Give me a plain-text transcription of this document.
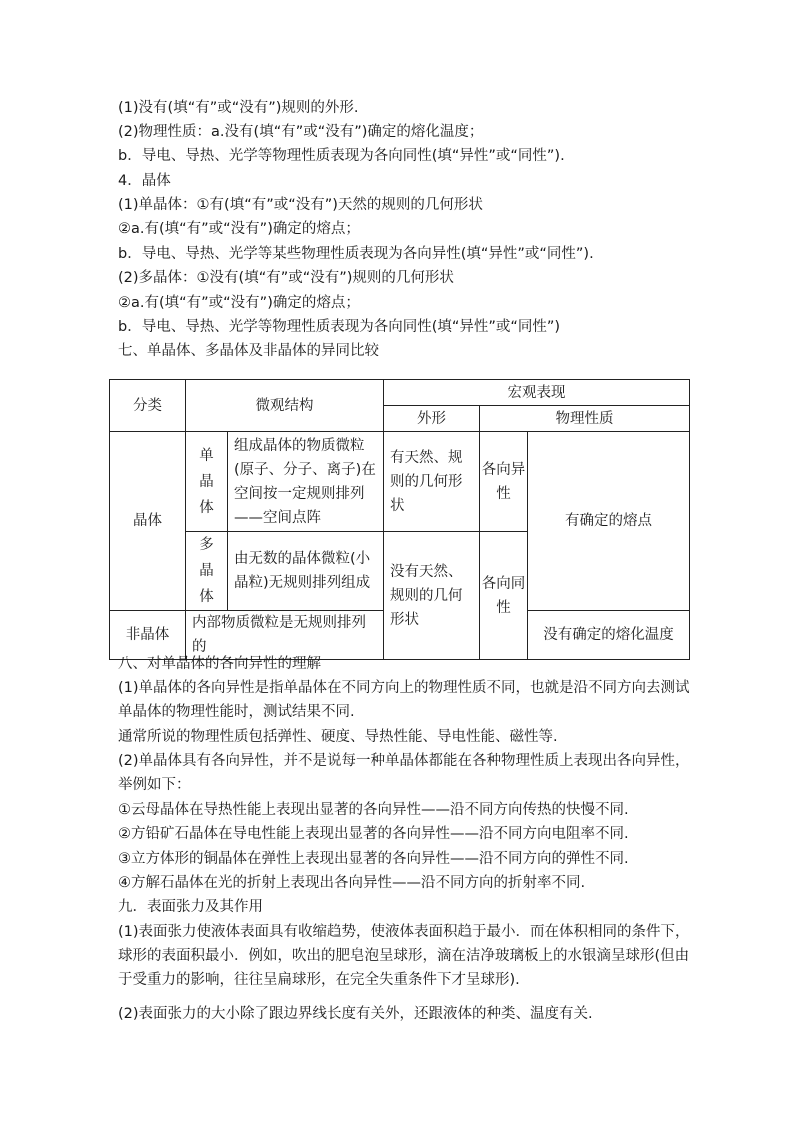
(1)没有(填“有”或“没有”)规则的外形.
(2)物理性质：a.没有(填“有”或“没有”)确定的熔化温度；
b．导电、导热、光学等物理性质表现为各向同性(填“异性”或“同性”).
4．晶体
(1)单晶体：①有(填“有”或“没有”)天然的规则的几何形状
②a.有(填“有”或“没有”)确定的熔点；
b．导电、导热、光学等某些物理性质表现为各向异性(填“异性”或“同性”).
(2)多晶体：①没有(填“有”或“没有”)规则的几何形状
②a.有(填“有”或“没有”)确定的熔点；
b．导电、导热、光学等物理性质表现为各向同性(填“异性”或“同性”)
七、单晶体、多晶体及非晶体的异同比较
分类	微观结构		宏观表现		
			外形	物理性质	
晶体	单晶体	组成晶体的物质微粒(原子、分子、离子)在空间按一定规则排列——空间点阵	有天然、规则的几何形状	各向异性	有确定的熔点
	多晶体	由无数的晶体微粒(小晶粒)无规则排列组成	没有天然、规则的几何形状	各向同性	
非晶体	内部物质微粒是无规则排列的				没有确定的熔化温度
八、对单晶体的各向异性的理解
(1)单晶体的各向异性是指单晶体在不同方向上的物理性质不同，也就是沿不同方向去测试
单晶体的物理性能时，测试结果不同.
通常所说的物理性质包括弹性、硬度、导热性能、导电性能、磁性等.
(2)单晶体具有各向异性，并不是说每一种单晶体都能在各种物理性质上表现出各向异性，
举例如下：
①云母晶体在导热性能上表现出显著的各向异性——沿不同方向传热的快慢不同.
②方铅矿石晶体在导电性能上表现出显著的各向异性——沿不同方向电阻率不同.
③立方体形的铜晶体在弹性上表现出显著的各向异性——沿不同方向的弹性不同.
④方解石晶体在光的折射上表现出各向异性——沿不同方向的折射率不同.
九．表面张力及其作用
(1)表面张力使液体表面具有收缩趋势，使液体表面积趋于最小．而在体积相同的条件下，
球形的表面积最小．例如，吹出的肥皂泡呈球形，滴在洁净玻璃板上的水银滴呈球形(但由
于受重力的影响，往往呈扁球形，在完全失重条件下才呈球形).
(2)表面张力的大小除了跟边界线长度有关外，还跟液体的种类、温度有关.
